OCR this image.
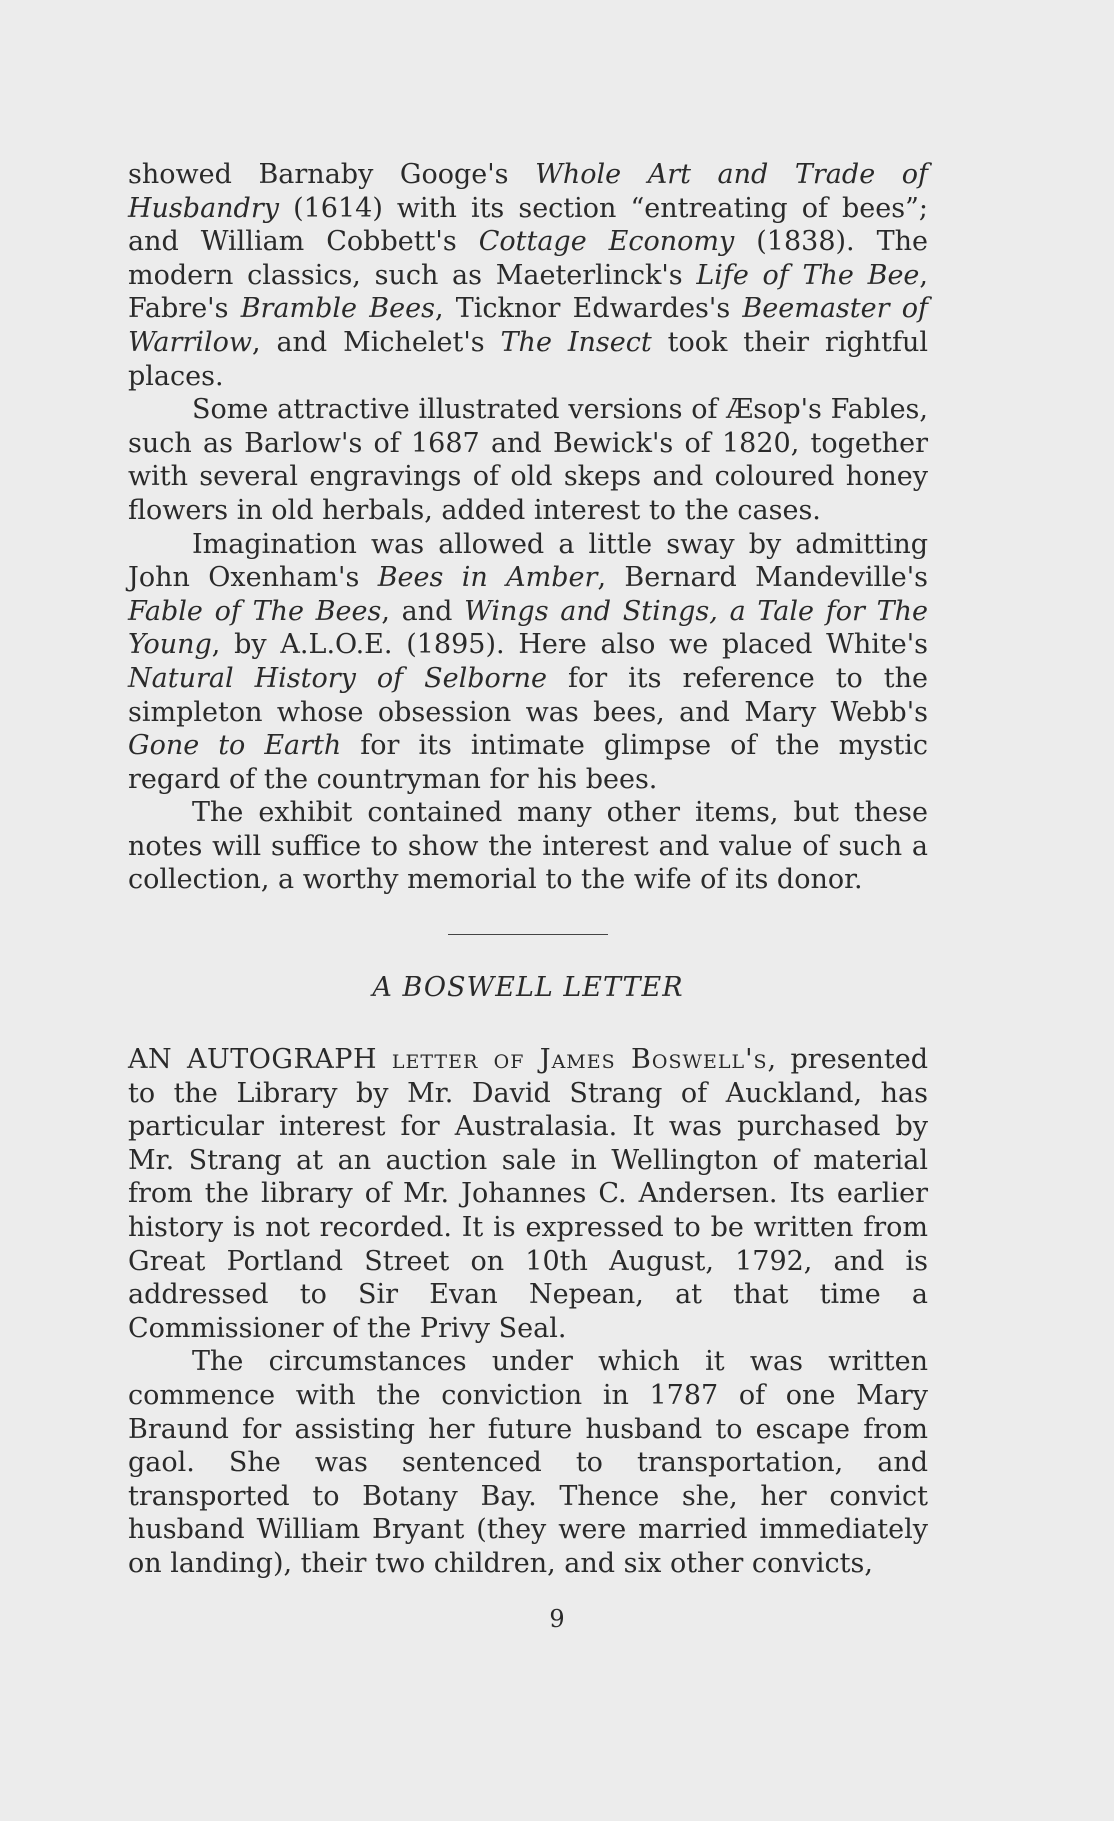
showed Barnaby Googe's Whole Art and Trade of Husbandry (1614) with its section “entreating of bees”; and William Cobbett's Cottage Economy (1838). The modern classics, such as Maeterlinck's Life of The Bee, Fabre's Bramble Bees, Ticknor Edwardes's Beemaster of Warrilow, and Michelet's The Insect took their rightful places.

Some attractive illustrated versions of Æsop's Fables, such as Barlow's of 1687 and Bewick's of 1820, together with several engravings of old skeps and coloured honey flowers in old herbals, added interest to the cases.

Imagination was allowed a little sway by admitting John Oxenham's Bees in Amber, Bernard Mandeville's Fable of The Bees, and Wings and Stings, a Tale for The Young, by A.L.O.E. (1895). Here also we placed White's Natural History of Selborne for its reference to the simpleton whose obsession was bees, and Mary Webb's Gone to Earth for its intimate glimpse of the mystic regard of the countryman for his bees.

The exhibit contained many other items, but these notes will suffice to show the interest and value of such a collection, a worthy memorial to the wife of its donor.

A BOSWELL LETTER

AN AUTOGRAPH letter of James Boswell's, presented to the Library by Mr. David Strang of Auckland, has particular interest for Australasia. It was purchased by Mr. Strang at an auction sale in Wellington of material from the library of Mr. Johannes C. Andersen. Its earlier history is not recorded. It is expressed to be written from Great Portland Street on 10th August, 1792, and is addressed to Sir Evan Nepean, at that time a Commissioner of the Privy Seal.

The circumstances under which it was written commence with the conviction in 1787 of one Mary Braund for assisting her future husband to escape from gaol. She was sentenced to transportation, and transported to Botany Bay. Thence she, her convict husband William Bryant (they were married immediately on landing), their two children, and six other convicts,

9
